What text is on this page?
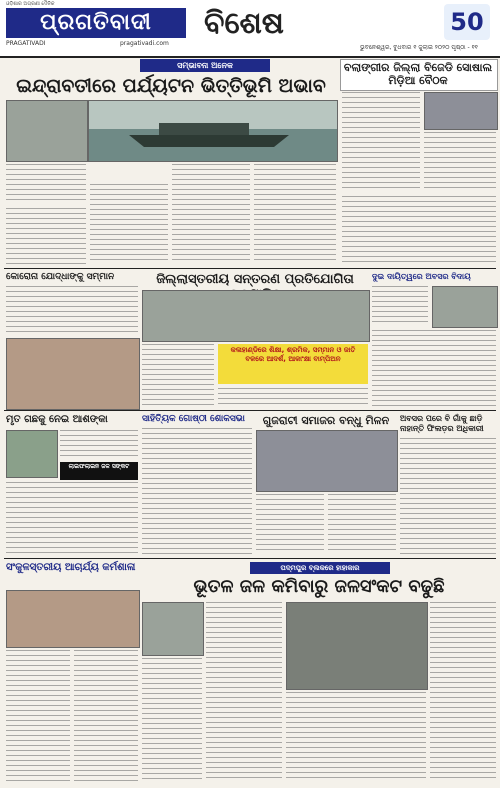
ଓଡ଼ିଶାର ଅଗ୍ରଣୀ ଦୈନିକ
ପ୍ରଗତିବାଦୀ
PRAGATIVADI	pragativadi.com
ବିଶେଷ	50
ଭୁବନେଶ୍ୱର, ବୁଧବାର ୧ ଜୁଲାଇ ୨୦୨୦ ପୃଷ୍ଠା - ୧୧
ସମ୍ଭାବନା ଅନେକ
ଇନ୍ଦ୍ରାବତୀରେ ପର୍ଯ୍ୟଟନ ଭିତ୍ତିଭୂମି ଅଭାବ
ବଲାଙ୍ଗୀର ଜିଲ୍ଲା ବିଜେଡି ସୋଷାଲ ମିଡ଼ିଆ ବୈଠକ
କୋରୋନା ଯୋଦ୍ଧାଙ୍କୁ ସମ୍ମାନ	ଜିଲ୍ଲାସ୍ତରୀୟ ସନ୍ତରଣ ପ୍ରତିଯୋଗିତା
କଳାହାଣ୍ଡିରେ ଶିକ୍ଷା, ଶ୍ରମିକ, ସମ୍ମାନ ଓ ଜାତି ବଳରେ ଆଦର୍ଶ, ଆକାଂକ୍ଷା ବାମ୍ପିଅନ
ଦୁଇ ଦାୟିତ୍ୱରେ ଅବସର ବିଦାୟ
ମୃତ ଗଛକୁ ନେଇ ଆଶଙ୍କା
ଲାଇଫଲାଇନ ଜଳ ସଙ୍କଟ
ସାହିତ୍ୟିକ ଗୋଷ୍ଠୀ ଶୋକସଭା	ଗୁଜରାଟୀ ସମାଜର ବନ୍ଧୁ ମିଳନ	ଅବସର ପରେ ବି ଗାଁକୁ ଛାଡ଼ି ନାହାନ୍ତି ଫିଲଡ଼ର ଅଧିକାରୀ
ସଂକୁଳସ୍ତରୀୟ ଆଚାର୍ଯ୍ୟ କର୍ମଶାଳା	ପଦ୍ମପୁର ବ୍ଲକରେ ହାହାକାର
ଭୂତଳ ଜଳ କମିବାରୁ ଜଳସଂକଟ ବଢୁଛି
